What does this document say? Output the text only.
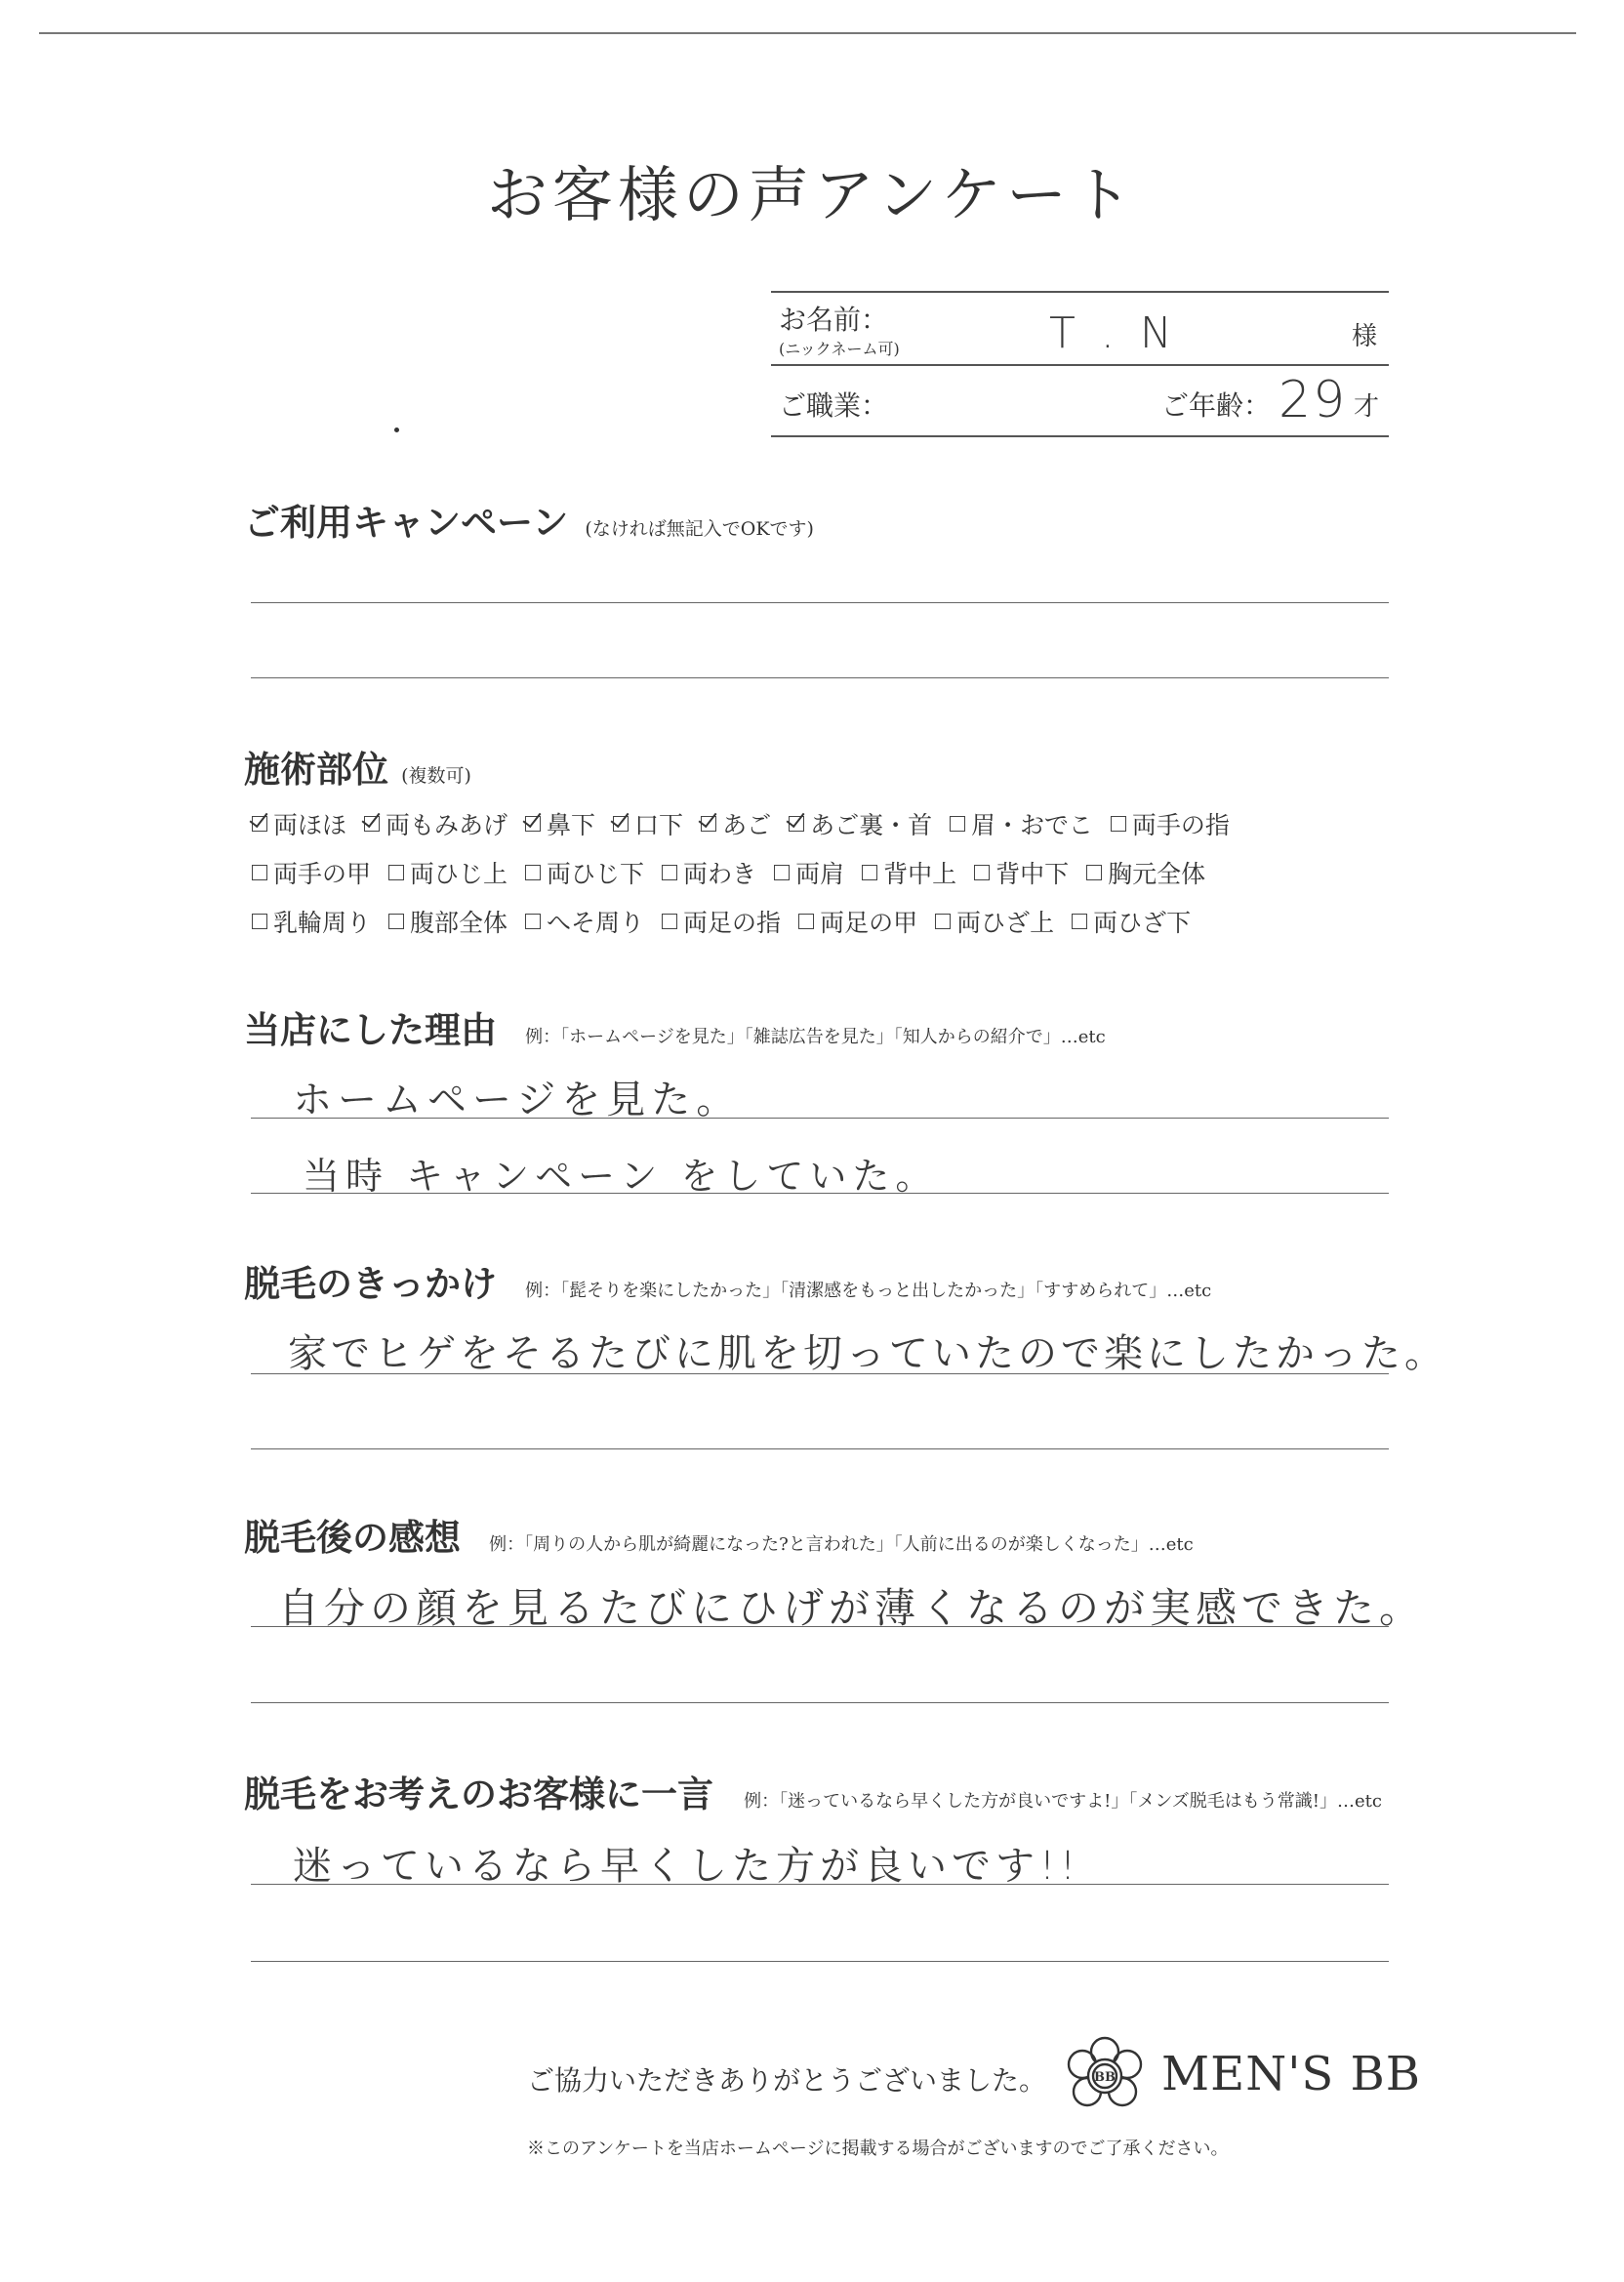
お客様の声アンケート
お名前：
(ニックネーム可)	T . N	様
ご職業：	ご年齢： 29 才
ご利用キャンペーン (なければ無記入でOKです)
施術部位 (複数可)
両ほほ 両もみあげ 鼻下 口下 あご あご裏・首 眉・おでこ 両手の指
両手の甲 両ひじ上 両ひじ下 両わき 両肩 背中上 背中下 胸元全体
乳輪周り 腹部全体 へそ周り 両足の指 両足の甲 両ひざ上 両ひざ下
当店にした理由 例：「ホームページを見た」「雑誌広告を見た」「知人からの紹介で」…etc
ホームページを見た。
当時 キャンペーン をしていた。
脱毛のきっかけ 例：「髭そりを楽にしたかった」「清潔感をもっと出したかった」「すすめられて」…etc
家でヒゲをそるたびに肌を切っていたので楽にしたかった。
脱毛後の感想 例：「周りの人から肌が綺麗になった?と言われた」「人前に出るのが楽しくなった」…etc
自分の顔を見るたびにひげが薄くなるのが実感できた。
脱毛をお考えのお客様に一言 例：「迷っているなら早くした方が良いですよ!」「メンズ脱毛はもう常識!」…etc
迷っているなら早くした方が良いです!!
ご協力いただきありがとうございました。	BB MEN'S BB
※このアンケートを当店ホームページに掲載する場合がございますのでご了承ください。
